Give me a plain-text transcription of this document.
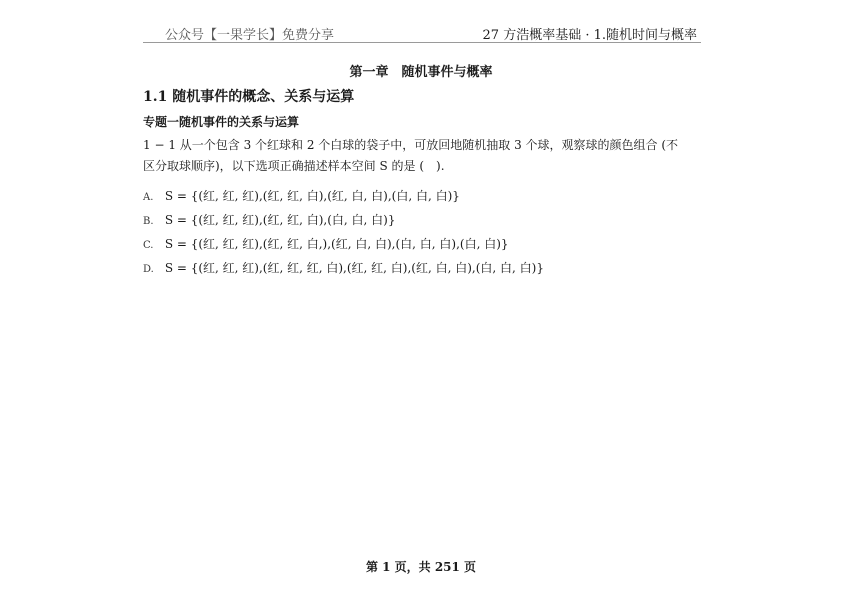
公众号【一果学长】免费分享	27 方浩概率基础 · 1.随机时间与概率
第一章　随机事件与概率
1.1 随机事件的概念、关系与运算
专题一随机事件的关系与运算
1 − 1 从一个包含 3 个红球和 2 个白球的袋子中，可放回地随机抽取 3 个球，观察球的颜色组合 (不
区分取球顺序)，以下选项正确描述样本空间 S 的是 (　).
A. S = {(红, 红, 红),(红, 红, 白),(红, 白, 白),(白, 白, 白)}
B. S = {(红, 红, 红),(红, 红, 白),(白, 白, 白)}
C. S = {(红, 红, 红),(红, 红, 白,),(红, 白, 白),(白, 白, 白),(白, 白)}
D. S = {(红, 红, 红),(红, 红, 红, 白),(红, 红, 白),(红, 白, 白),(白, 白, 白)}
第 1 页，共 251 页
